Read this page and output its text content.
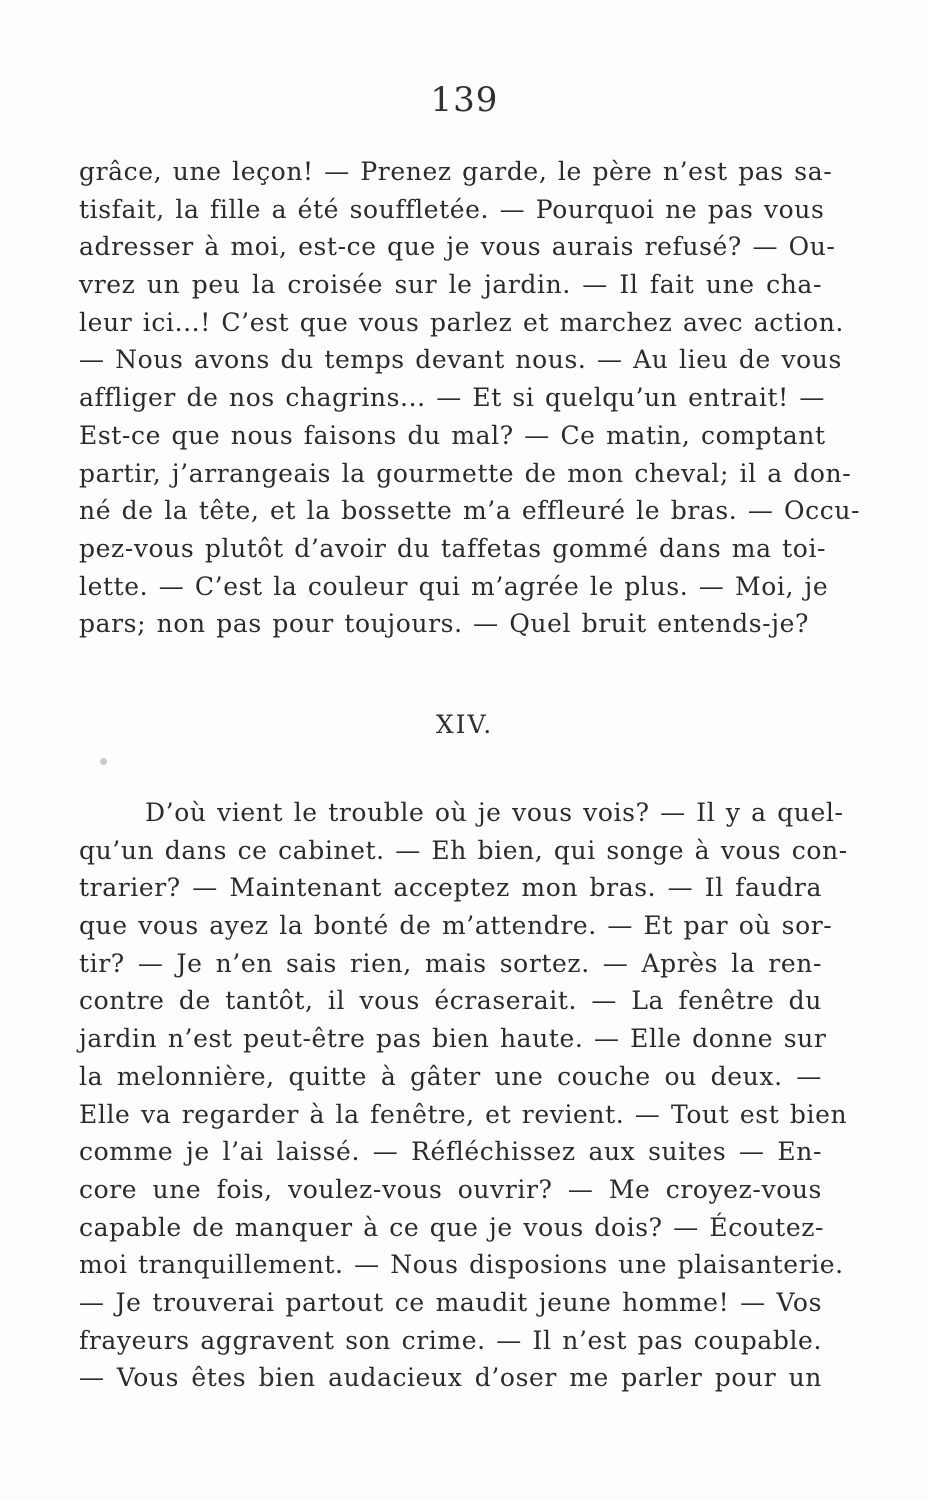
139
grâce, une leçon! — Prenez garde, le père n’est pas sa-
tisfait, la fille a été souffletée. — Pourquoi ne pas vous
adresser à moi, est-ce que je vous aurais refusé? — Ou-
vrez un peu la croisée sur le jardin. — Il fait une cha-
leur ici...! C’est que vous parlez et marchez avec action.
— Nous avons du temps devant nous. — Au lieu de vous
affliger de nos chagrins... — Et si quelqu’un entrait! —
Est-ce que nous faisons du mal? — Ce matin, comptant
partir, j’arrangeais la gourmette de mon cheval; il a don-
né de la tête, et la bossette m’a effleuré le bras. — Occu-
pez-vous plutôt d’avoir du taffetas gommé dans ma toi-
lette. — C’est la couleur qui m’agrée le plus. — Moi, je
pars; non pas pour toujours. — Quel bruit entends-je?
XIV.
D’où vient le trouble où je vous vois? — Il y a quel-
qu’un dans ce cabinet. — Eh bien, qui songe à vous con-
trarier? — Maintenant acceptez mon bras. — Il faudra
que vous ayez la bonté de m’attendre. — Et par où sor-
tir? — Je n’en sais rien, mais sortez. — Après la ren-
contre de tantôt, il vous écraserait. — La fenêtre du
jardin n’est peut-être pas bien haute. — Elle donne sur
la melonnière, quitte à gâter une couche ou deux. —
Elle va regarder à la fenêtre, et revient. — Tout est bien
comme je l’ai laissé. — Réfléchissez aux suites — En-
core une fois, voulez-vous ouvrir? — Me croyez-vous
capable de manquer à ce que je vous dois? — Écoutez-
moi tranquillement. — Nous disposions une plaisanterie.
— Je trouverai partout ce maudit jeune homme! — Vos
frayeurs aggravent son crime. — Il n’est pas coupable.
— Vous êtes bien audacieux d’oser me parler pour un
